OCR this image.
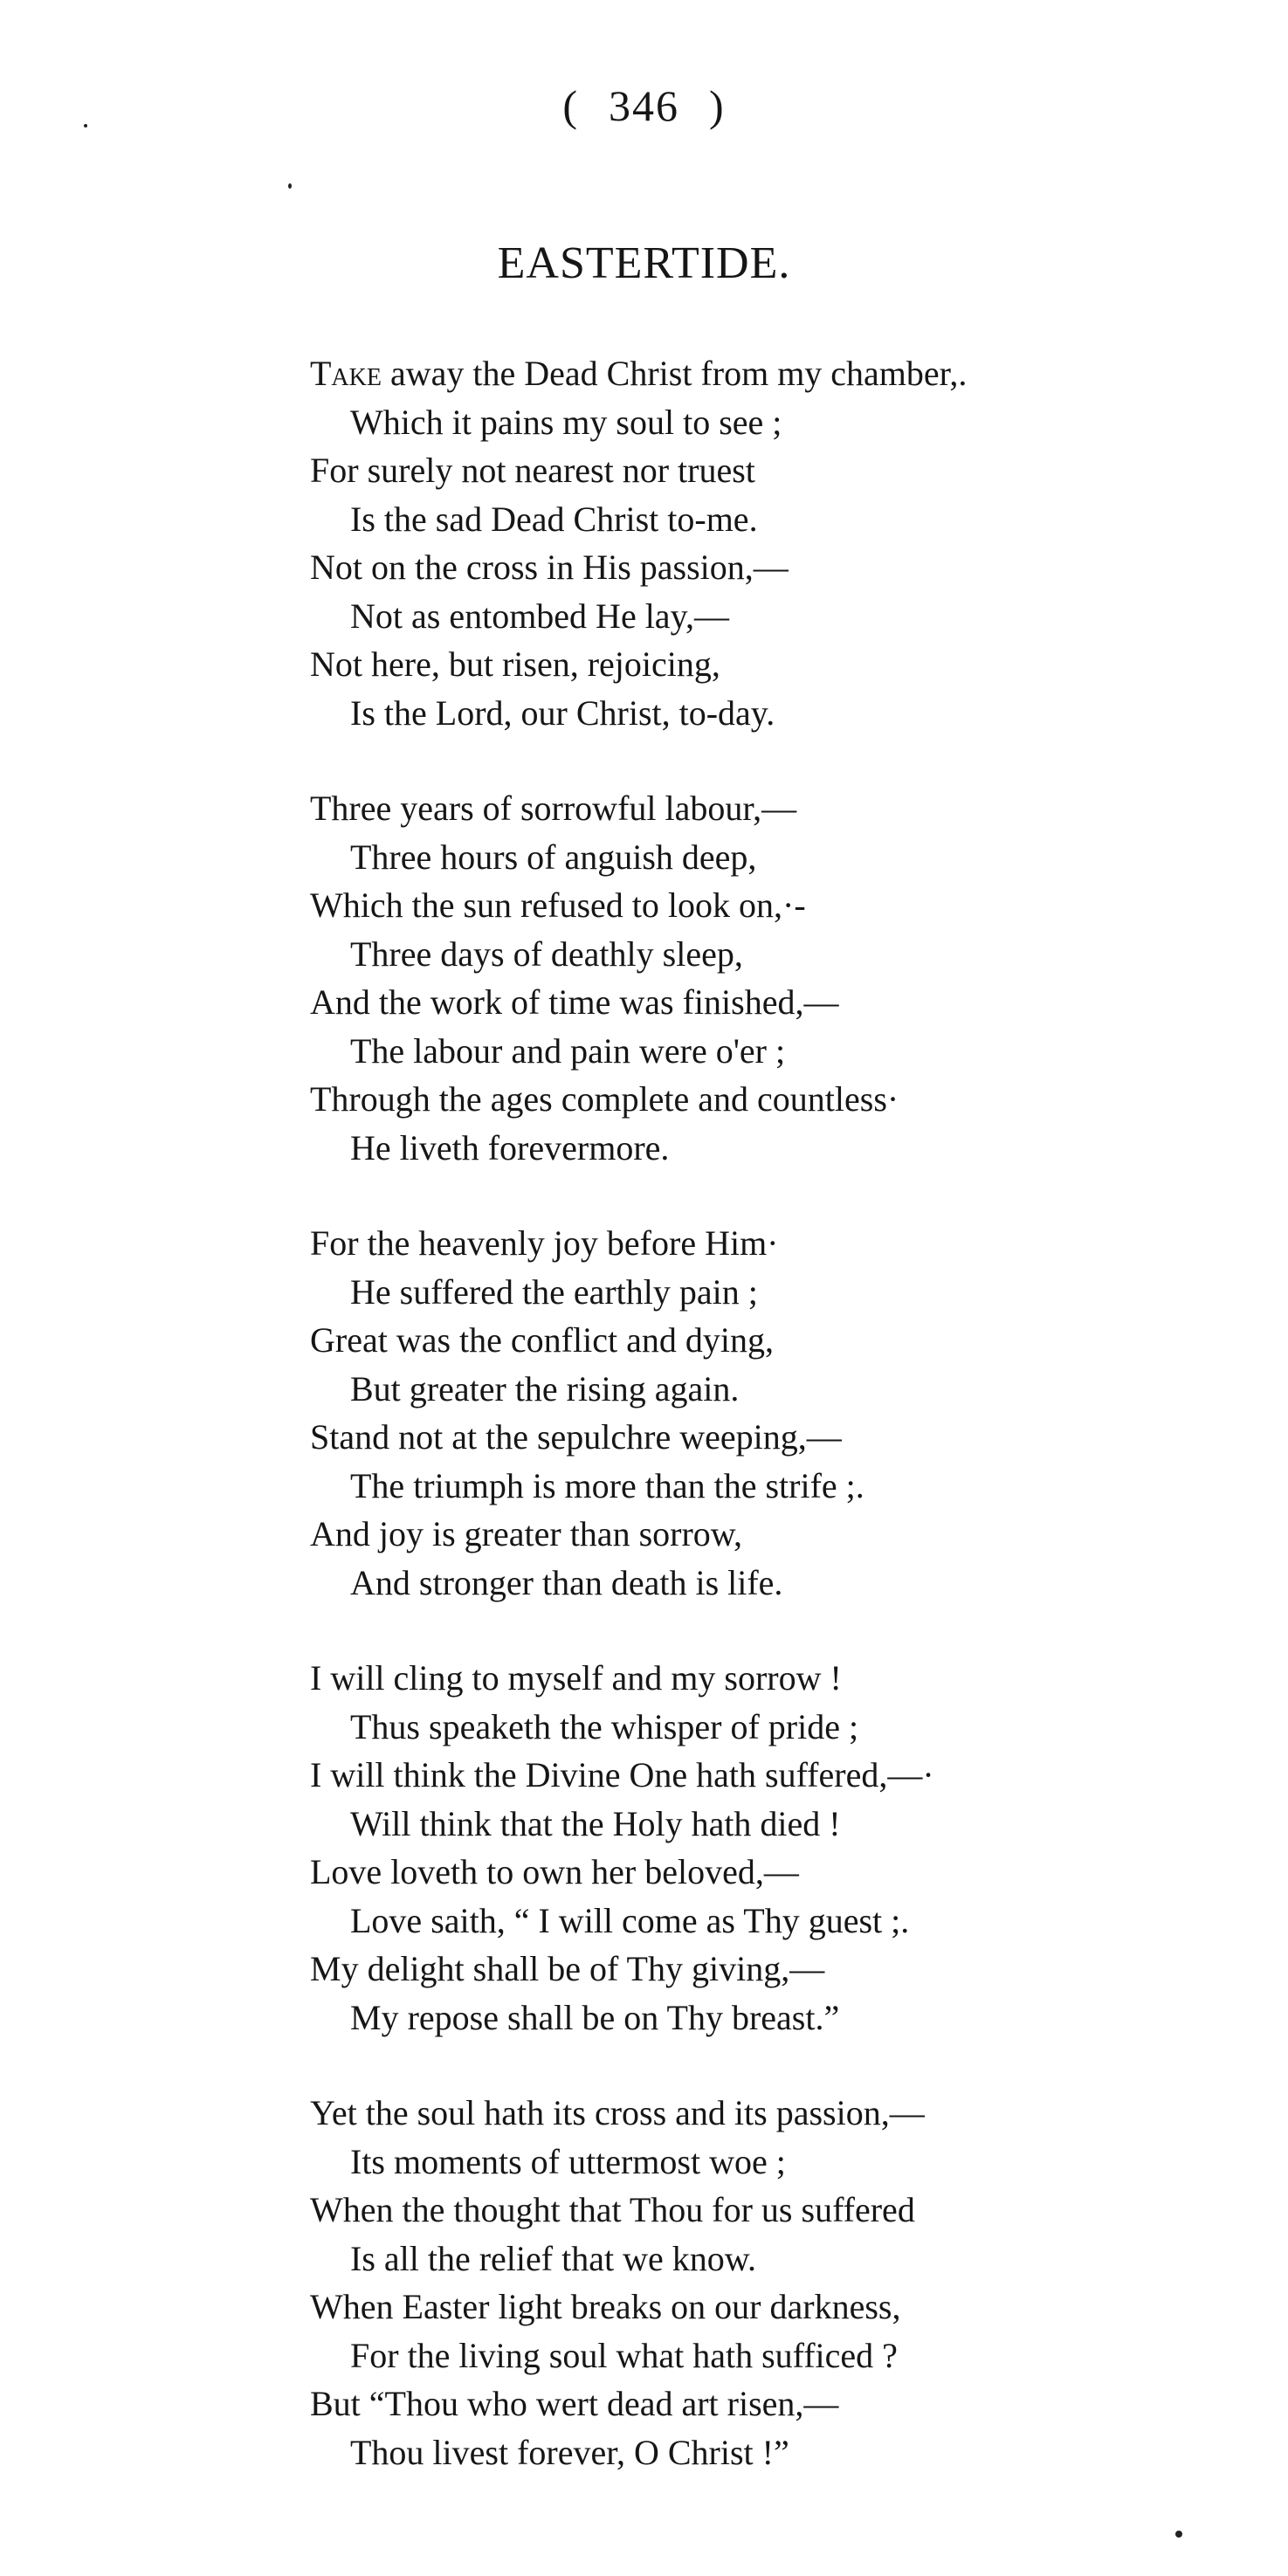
( 346 )
EASTERTIDE.
Take away the Dead Christ from my chamber,.
Which it pains my soul to see ;
For surely not nearest nor truest
Is the sad Dead Christ to-me.
Not on the cross in His passion,—
Not as entombed He lay,—
Not here, but risen, rejoicing,
Is the Lord, our Christ, to-day.
Three years of sorrowful labour,—
Three hours of anguish deep,
Which the sun refused to look on,·-
Three days of deathly sleep,
And the work of time was finished,—
The labour and pain were o'er ;
Through the ages complete and countless·
He liveth forevermore.
For the heavenly joy before Him·
He suffered the earthly pain ;
Great was the conflict and dying,
But greater the rising again.
Stand not at the sepulchre weeping,—
The triumph is more than the strife ;.
And joy is greater than sorrow,
And stronger than death is life.
I will cling to myself and my sorrow !
Thus speaketh the whisper of pride ;
I will think the Divine One hath suffered,—·
Will think that the Holy hath died !
Love loveth to own her beloved,—
Love saith, “ I will come as Thy guest ;.
My delight shall be of Thy giving,—
My repose shall be on Thy breast.”
Yet the soul hath its cross and its passion,—
Its moments of uttermost woe ;
When the thought that Thou for us suffered
Is all the relief that we know.
When Easter light breaks on our darkness,
For the living soul what hath sufficed ?
But “Thou who wert dead art risen,—
Thou livest forever, O Christ !”
